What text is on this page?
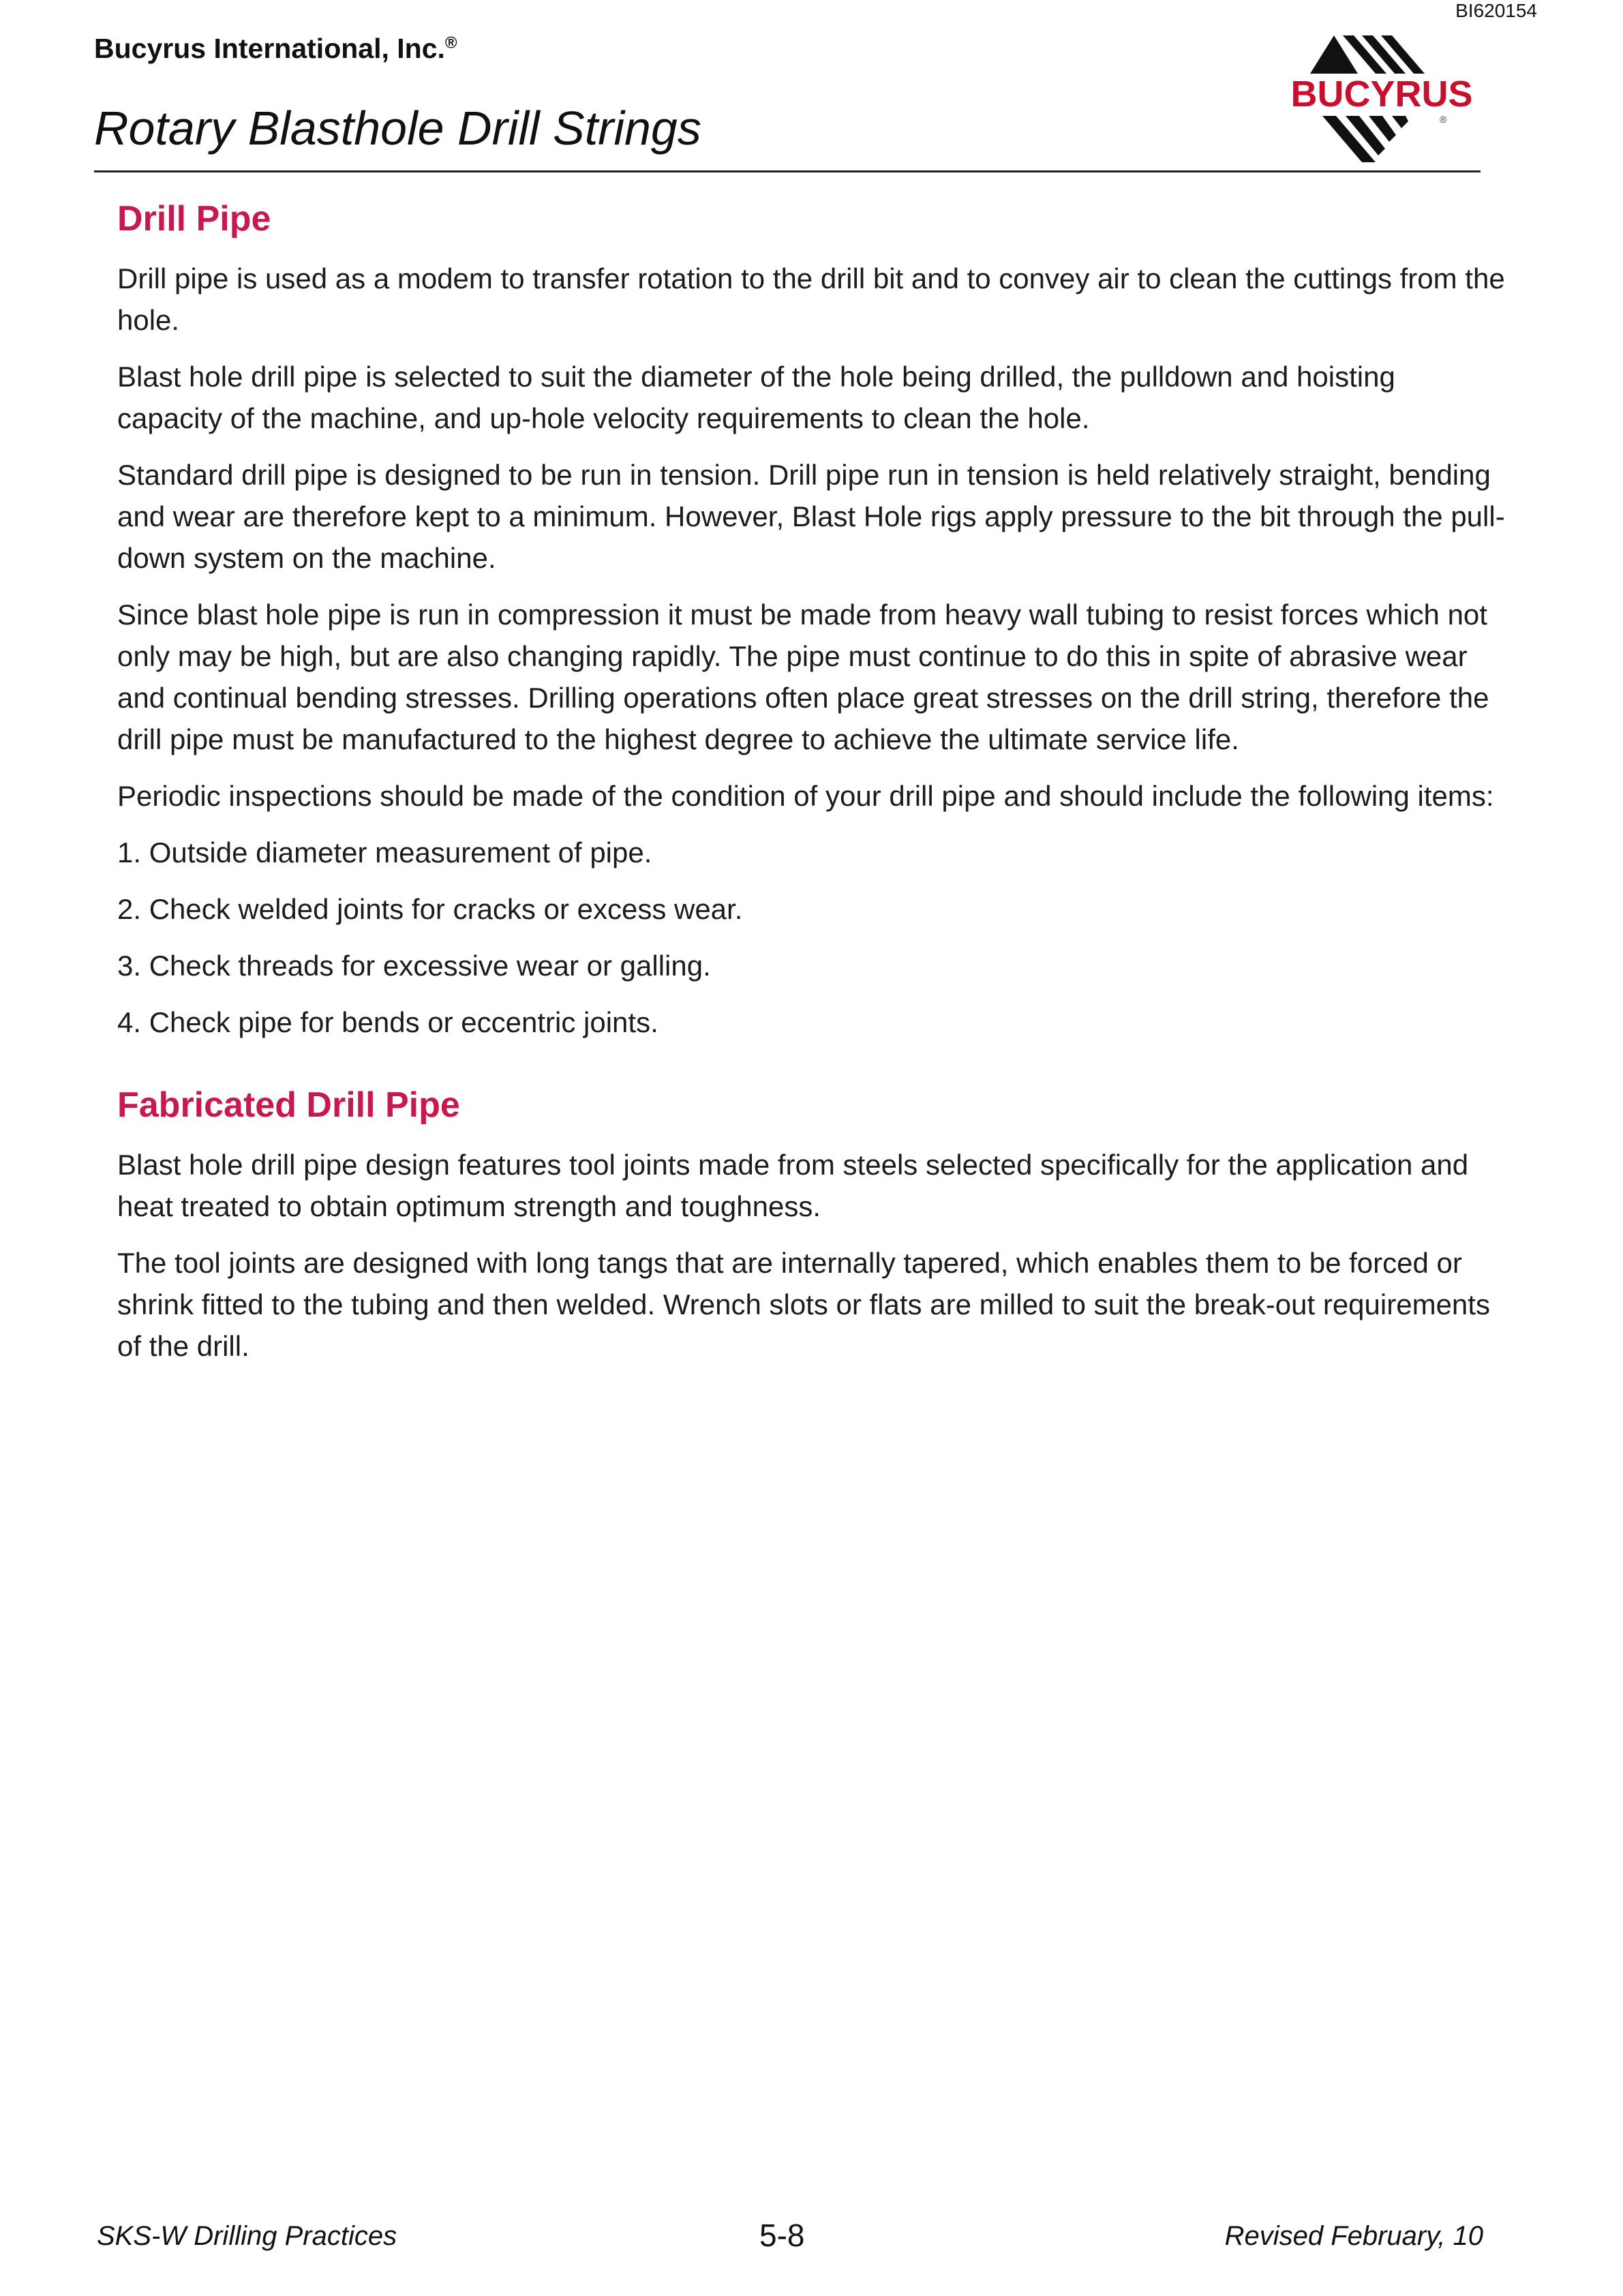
BI620154
Bucyrus International, Inc.®
Rotary Blasthole Drill Strings
BUCYRUS
®
Drill Pipe

Drill pipe is used as a modem to transfer rotation to the drill bit and to convey air to clean the cuttings from the hole.

Blast hole drill pipe is selected to suit the diameter of the hole being drilled, the pulldown and hoisting capacity of the machine, and up-hole velocity requirements to clean the hole.

Standard drill pipe is designed to be run in tension. Drill pipe run in tension is held relatively straight, bending and wear are therefore kept to a minimum. However, Blast Hole rigs apply pressure to the bit through the pull-down system on the machine.

Since blast hole pipe is run in compression it must be made from heavy wall tubing to resist forces which not only may be high, but are also changing rapidly. The pipe must continue to do this in spite of abrasive wear and continual bending stresses. Drilling operations often place great stresses on the drill string, therefore the drill pipe must be manufactured to the highest degree to achieve the ultimate service life.

Periodic inspections should be made of the condition of your drill pipe and should include the following items:

1. Outside diameter measurement of pipe.
2. Check welded joints for cracks or excess wear.
3. Check threads for excessive wear or galling.
4. Check pipe for bends or eccentric joints.
Fabricated Drill Pipe

Blast hole drill pipe design features tool joints made from steels selected specifically for the application and heat treated to obtain optimum strength and toughness.

The tool joints are designed with long tangs that are internally tapered, which enables them to be forced or shrink fitted to the tubing and then welded. Wrench slots or flats are milled to suit the break-out requirements of the drill.

SKS-W Drilling Practices	5-8	Revised February, 10
